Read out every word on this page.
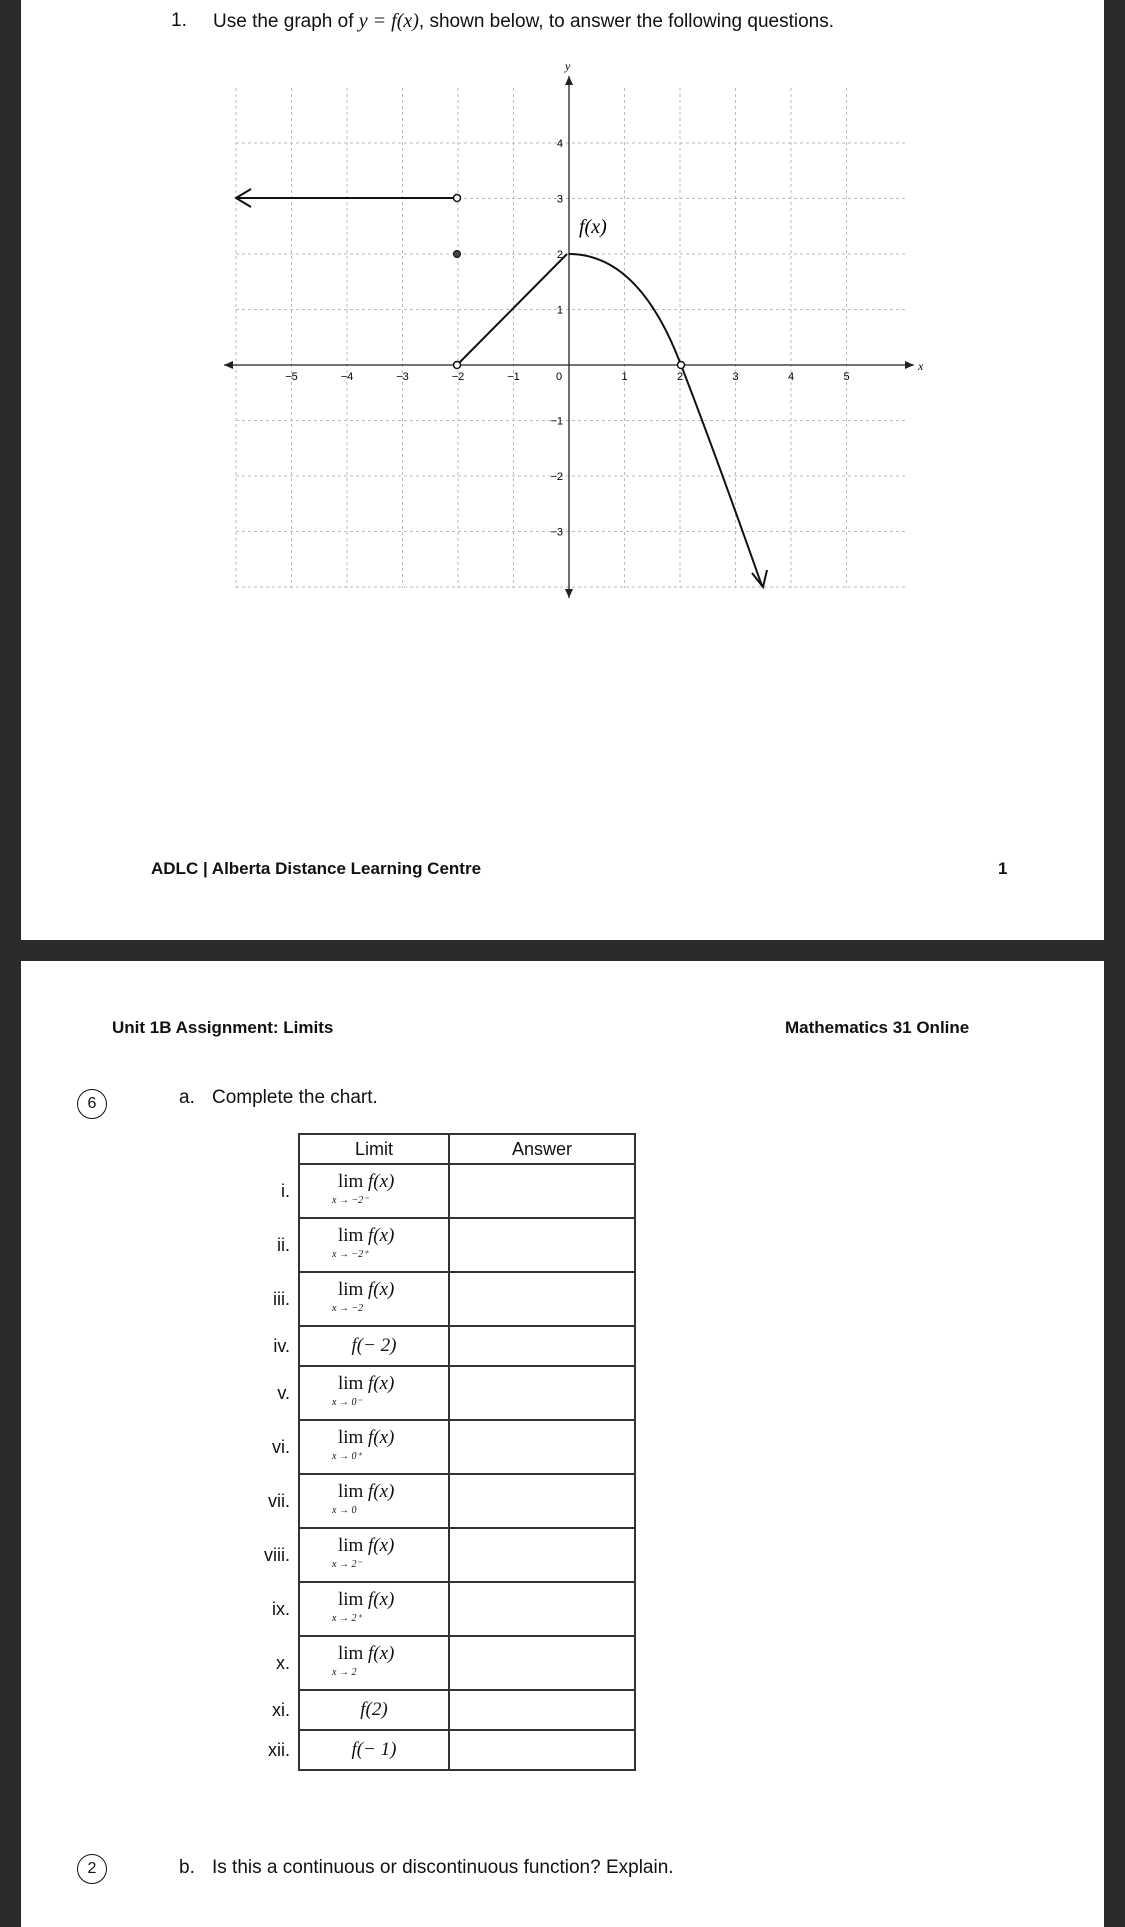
1. Use the graph of y = f(x), shown below, to answer the following questions.
x
y
−5	−4	−3	−2	−1	0	1	2	3	4	5
4
3
2
1
−1
−2
−3
f(x)
ADLC | Alberta Distance Learning Centre	1
Unit 1B Assignment: Limits	Mathematics 31 Online
6	a. Complete the chart.
	Limit	Answer
i.	lim f(x)
x → −2⁻	

ii.	lim f(x)
x → −2⁺	

iii.	lim f(x)
x → −2	

iv.	f(− 2)	
v.	lim f(x)
x → 0⁻	

vi.	lim f(x)
x → 0⁺	

vii.	lim f(x)
x → 0	

viii.	lim f(x)
x → 2⁻	

ix.	lim f(x)
x → 2⁺	

x.	lim f(x)
x → 2	

xi.	f(2)	
xii.	f(− 1)	
2	b. Is this a continuous or discontinuous function? Explain.
